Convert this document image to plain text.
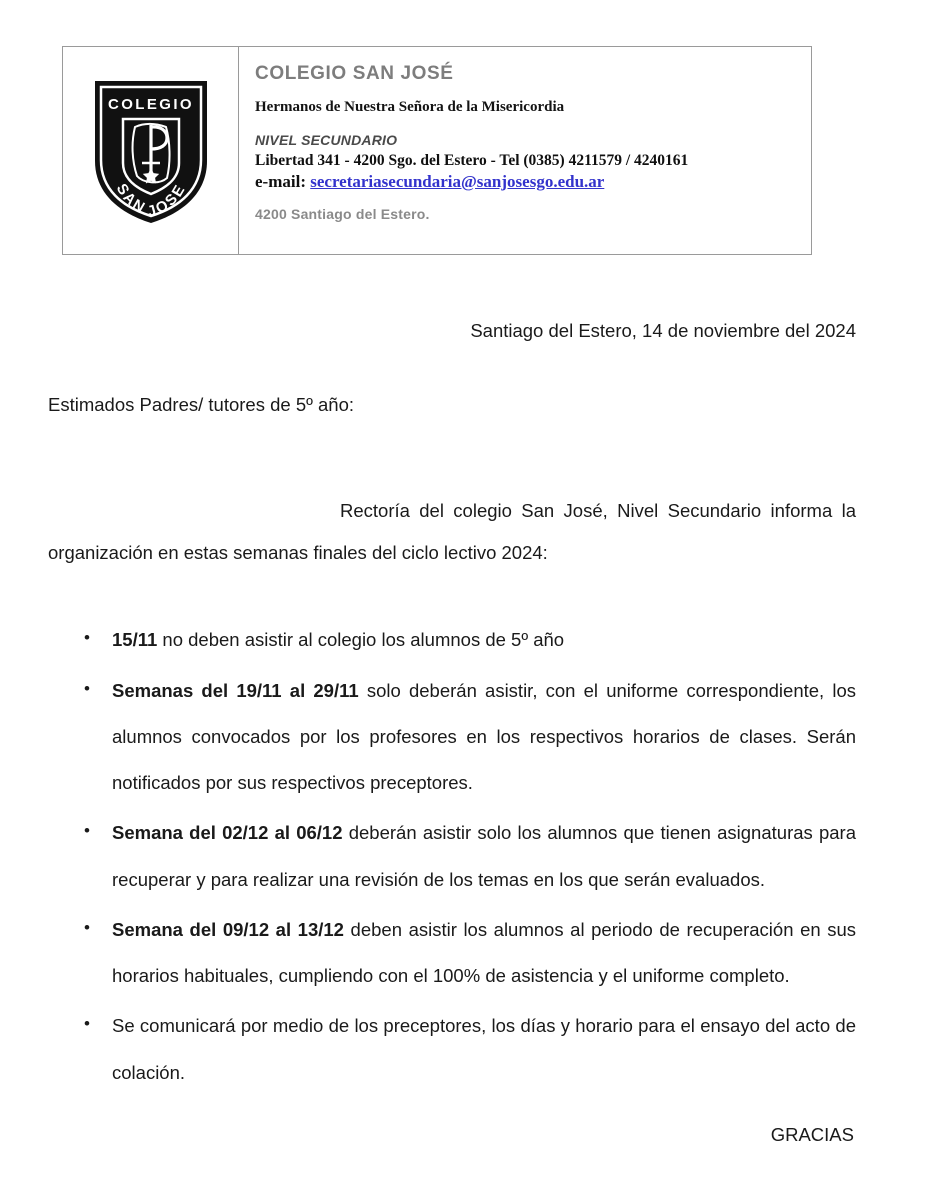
COLEGIO
SAN JOSE
COLEGIO SAN JOSÉ
Hermanos de Nuestra Señora de la Misericordia
NIVEL SECUNDARIO
Libertad 341 - 4200 Sgo. del Estero - Tel (0385) 4211579 / 4240161
e-mail: secretariasecundaria@sanjosesgo.edu.ar
4200 Santiago del Estero.

Santiago del Estero, 14 de noviembre del 2024

Estimados Padres/ tutores de 5º año:

Rectoría del colegio San José, Nivel Secundario informa la organización en estas semanas finales del ciclo lectivo 2024:

• 15/11 no deben asistir al colegio los alumnos de 5º año
• Semanas del 19/11 al 29/11 solo deberán asistir, con el uniforme correspondiente, los alumnos convocados por los profesores en los respectivos horarios de clases. Serán notificados por sus respectivos preceptores.
• Semana del 02/12 al 06/12 deberán asistir solo los alumnos que tienen asignaturas para recuperar y para realizar una revisión de los temas en los que serán evaluados.
• Semana del 09/12 al 13/12 deben asistir los alumnos al periodo de recuperación en sus horarios habituales, cumpliendo con el 100% de asistencia y el uniforme completo.
• Se comunicará por medio de los preceptores, los días y horario para el ensayo del acto de colación.

GRACIAS
